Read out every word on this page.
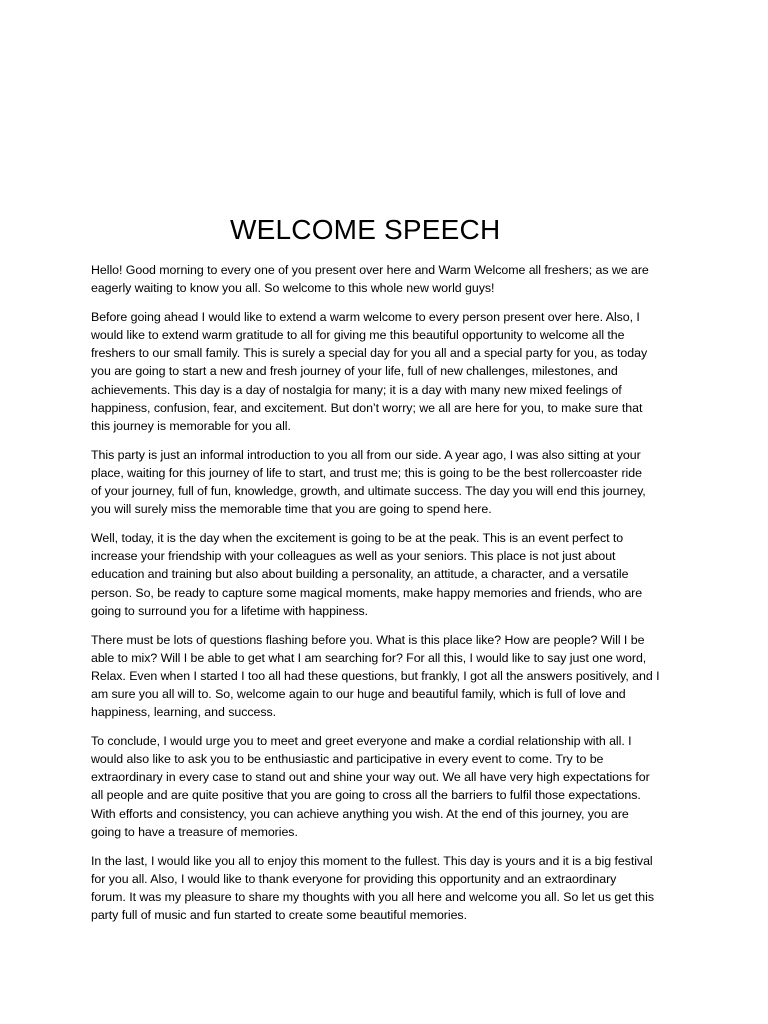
WELCOME SPEECH

Hello! Good morning to every one of you present over here and Warm Welcome all freshers; as we are
eagerly waiting to know you all. So welcome to this whole new world guys!

Before going ahead I would like to extend a warm welcome to every person present over here. Also, I
would like to extend warm gratitude to all for giving me this beautiful opportunity to welcome all the
freshers to our small family. This is surely a special day for you all and a special party for you, as today
you are going to start a new and fresh journey of your life, full of new challenges, milestones, and
achievements. This day is a day of nostalgia for many; it is a day with many new mixed feelings of
happiness, confusion, fear, and excitement. But don’t worry; we all are here for you, to make sure that
this journey is memorable for you all.

This party is just an informal introduction to you all from our side. A year ago, I was also sitting at your
place, waiting for this journey of life to start, and trust me; this is going to be the best rollercoaster ride
of your journey, full of fun, knowledge, growth, and ultimate success. The day you will end this journey,
you will surely miss the memorable time that you are going to spend here.

Well, today, it is the day when the excitement is going to be at the peak. This is an event perfect to
increase your friendship with your colleagues as well as your seniors. This place is not just about
education and training but also about building a personality, an attitude, a character, and a versatile
person. So, be ready to capture some magical moments, make happy memories and friends, who are
going to surround you for a lifetime with happiness.

There must be lots of questions flashing before you. What is this place like? How are people? Will I be
able to mix? Will I be able to get what I am searching for? For all this, I would like to say just one word,
Relax. Even when I started I too all had these questions, but frankly, I got all the answers positively, and I
am sure you all will to. So, welcome again to our huge and beautiful family, which is full of love and
happiness, learning, and success.

To conclude, I would urge you to meet and greet everyone and make a cordial relationship with all. I
would also like to ask you to be enthusiastic and participative in every event to come. Try to be
extraordinary in every case to stand out and shine your way out. We all have very high expectations for
all people and are quite positive that you are going to cross all the barriers to fulfil those expectations.
With efforts and consistency, you can achieve anything you wish. At the end of this journey, you are
going to have a treasure of memories.

In the last, I would like you all to enjoy this moment to the fullest. This day is yours and it is a big festival
for you all. Also, I would like to thank everyone for providing this opportunity and an extraordinary
forum. It was my pleasure to share my thoughts with you all here and welcome you all. So let us get this
party full of music and fun started to create some beautiful memories.
